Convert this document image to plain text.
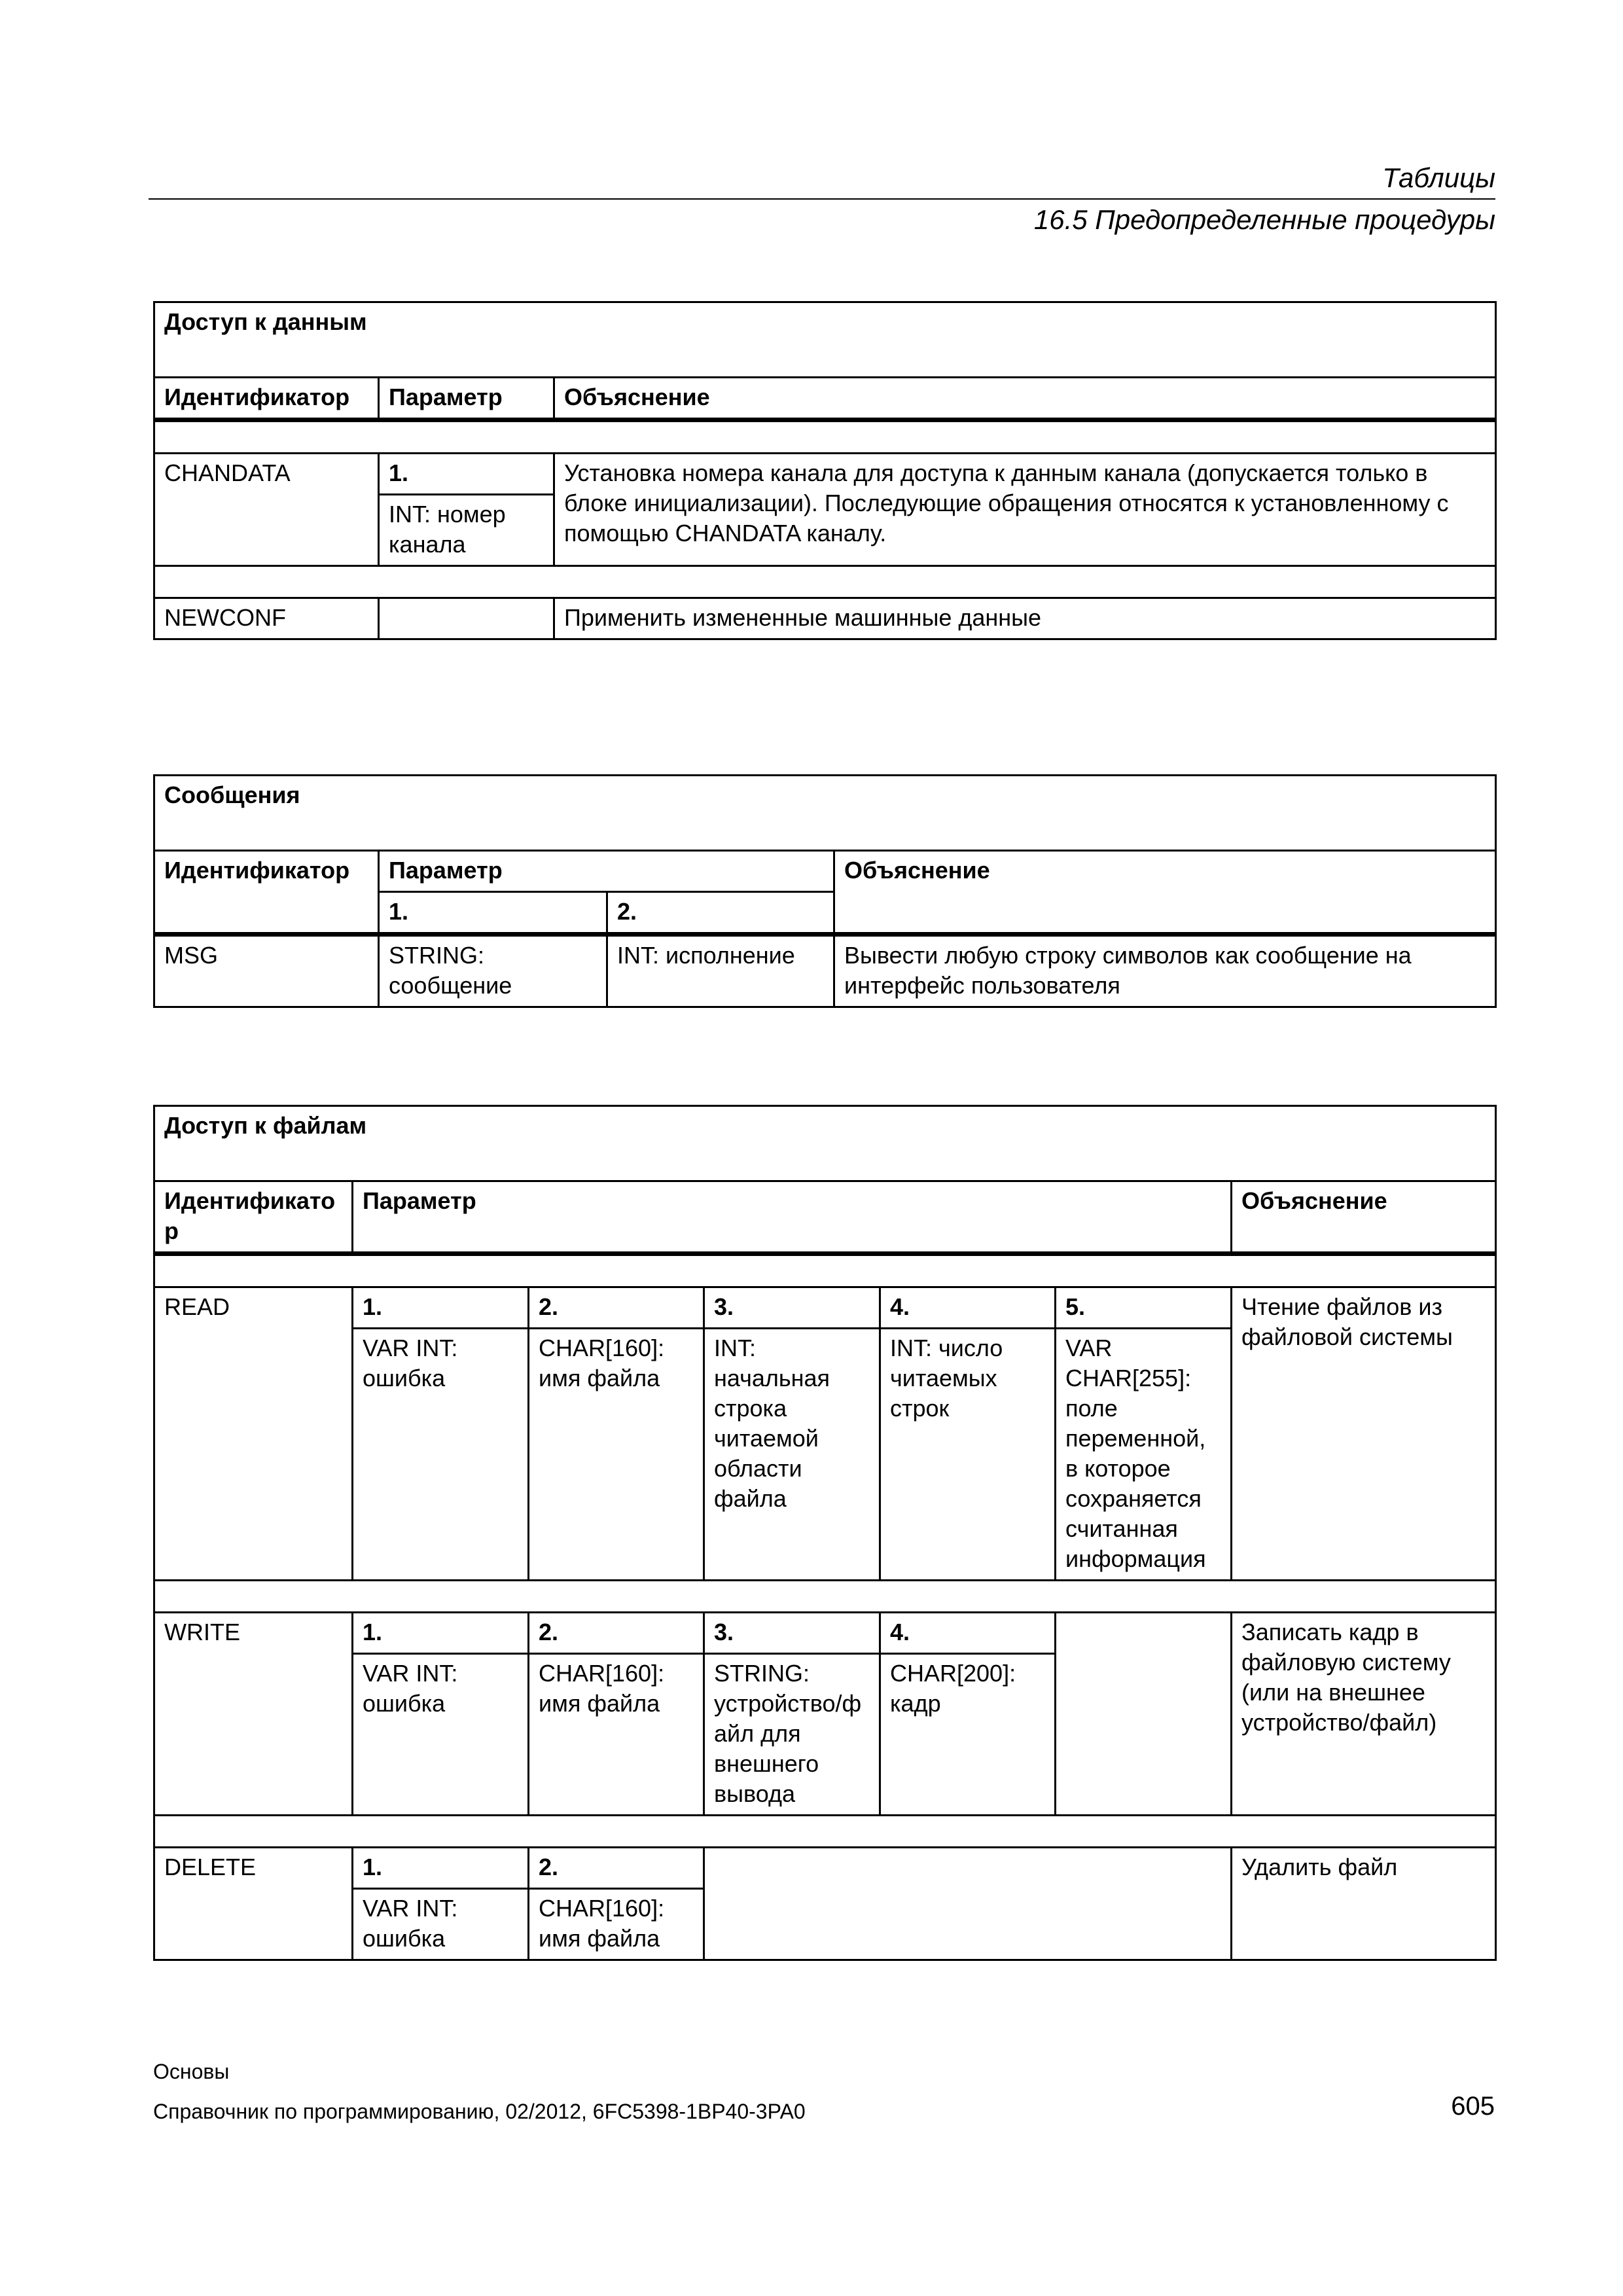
Таблицы
16.5 Предопределенные процедуры
Доступ к данным		
Идентификатор	Параметр	Объяснение

CHANDATA	1.	Установка номера канала для доступа к данным канала (допускается только в блоке инициализации). Последующие обращения относятся к установленному с помощью CHANDATA каналу.
	INT: номер канала	

NEWCONF		Применить измененные машинные данные
Сообщения			
Идентификатор	Параметр		Объяснение
	1.	2.	
MSG	STRING: сообщение	INT: исполнение	Вывести любую строку символов как сообщение на интерфейс пользователя
Доступ к файлам						
Идентификато р	Параметр					Объяснение

READ	1.	2.	3.	4.	5.	Чтение файлов из файловой системы
	VAR INT: ошибка	CHAR[160]: имя файла	INT: начальная строка читаемой области файла	INT: число читаемых строк	VAR CHAR[255]: поле переменной, в которое сохраняется считанная информация	

WRITE	1.	2.	3.	4.		Записать кадр в файловую систему (или на внешнее устройство/файл)
	VAR INT: ошибка	CHAR[160]: имя файла	STRING: устройство/ф айл для внешнего вывода	CHAR[200]: кадр		

DELETE	1.	2.				Удалить файл
	VAR INT: ошибка	CHAR[160]: имя файла				
Основы
Справочник по программированию, 02/2012, 6FC5398-1BP40-3PA0	605
